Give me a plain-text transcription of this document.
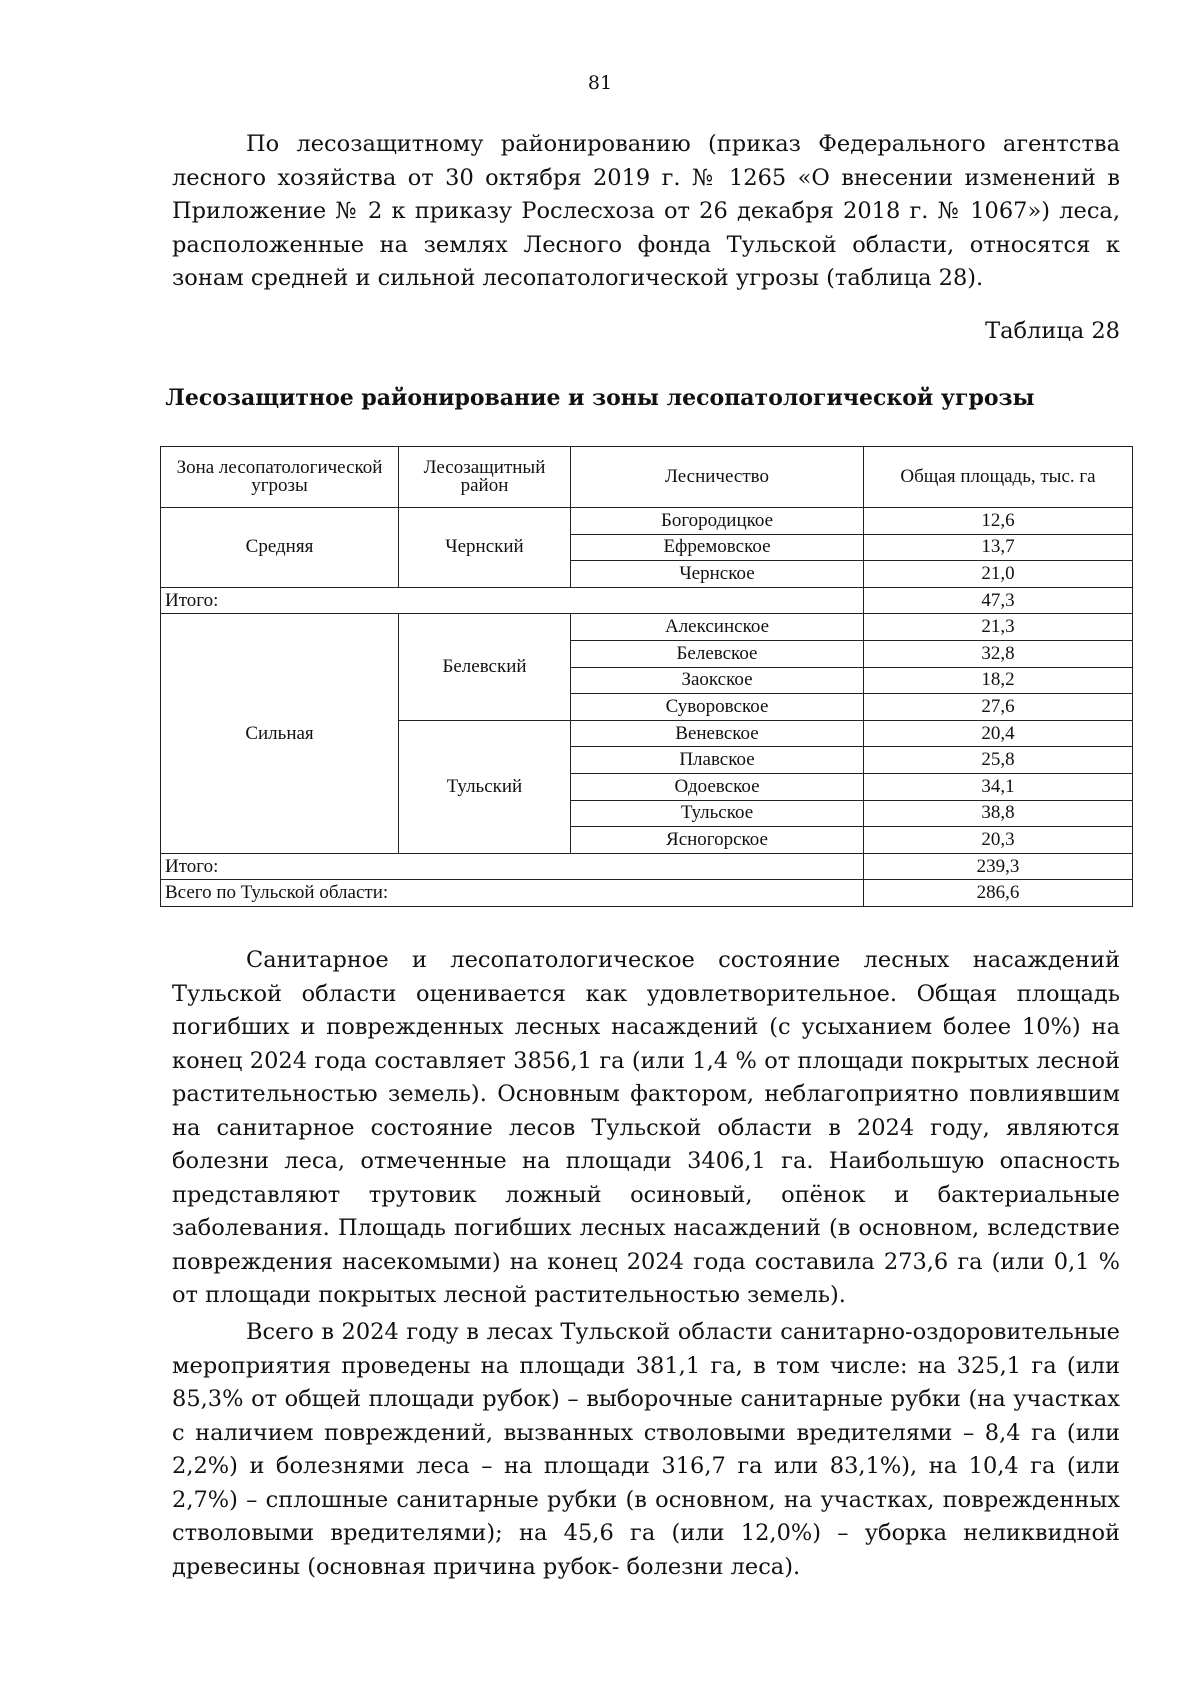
81

По лесозащитному районированию (приказ Федерального агентства лесного хозяйства от 30 октября 2019 г. № 1265 «О внесении изменений в Приложение № 2 к приказу Рослесхоза от 26 декабря 2018 г. № 1067») леса, расположенные на землях Лесного фонда Тульской области, относятся к зонам средней и сильной лесопатологической угрозы (таблица 28).

Таблица 28
Лесозащитное районирование и зоны лесопатологической угрозы
Зона лесопатологической угрозы	Лесозащитный район	Лесничество	Общая площадь, тыс. га
Средняя	Чернский	Богородицкое	12,6
		Ефремовское	13,7
		Чернское	21,0
Итого:			47,3
Сильная	Белевский	Алексинское	21,3
		Белевское	32,8
		Заокское	18,2
		Суворовское	27,6
	Тульский	Веневское	20,4
		Плавское	25,8
		Одоевское	34,1
		Тульское	38,8
		Ясногорское	20,3
Итого:			239,3
Всего по Тульской области:			286,6

Санитарное и лесопатологическое состояние лесных насаждений Тульской области оценивается как удовлетворительное. Общая площадь погибших и поврежденных лесных насаждений (с усыханием более 10%) на конец 2024 года составляет 3856,1 га (или 1,4 % от площади покрытых лесной растительностью земель). Основным фактором, неблагоприятно повлиявшим на санитарное состояние лесов Тульской области в 2024 году, являются болезни леса, отмеченные на площади 3406,1 га. Наибольшую опасность представляют трутовик ложный осиновый, опёнок и бактериальные заболевания. Площадь погибших лесных насаждений (в основном, вследствие повреждения насекомыми) на конец 2024 года составила 273,6 га (или 0,1 % от площади покрытых лесной растительностью земель).

Всего в 2024 году в лесах Тульской области санитарно-оздоровительные мероприятия проведены на площади 381,1 га, в том числе: на 325,1 га (или 85,3% от общей площади рубок) – выборочные санитарные рубки (на участках с наличием повреждений, вызванных стволовыми вредителями – 8,4 га (или 2,2%) и болезнями леса – на площади 316,7 га или 83,1%), на 10,4 га (или 2,7%) – сплошные санитарные рубки (в основном, на участках, поврежденных стволовыми вредителями); на 45,6 га (или 12,0%) – уборка неликвидной древесины (основная причина рубок- болезни леса).
